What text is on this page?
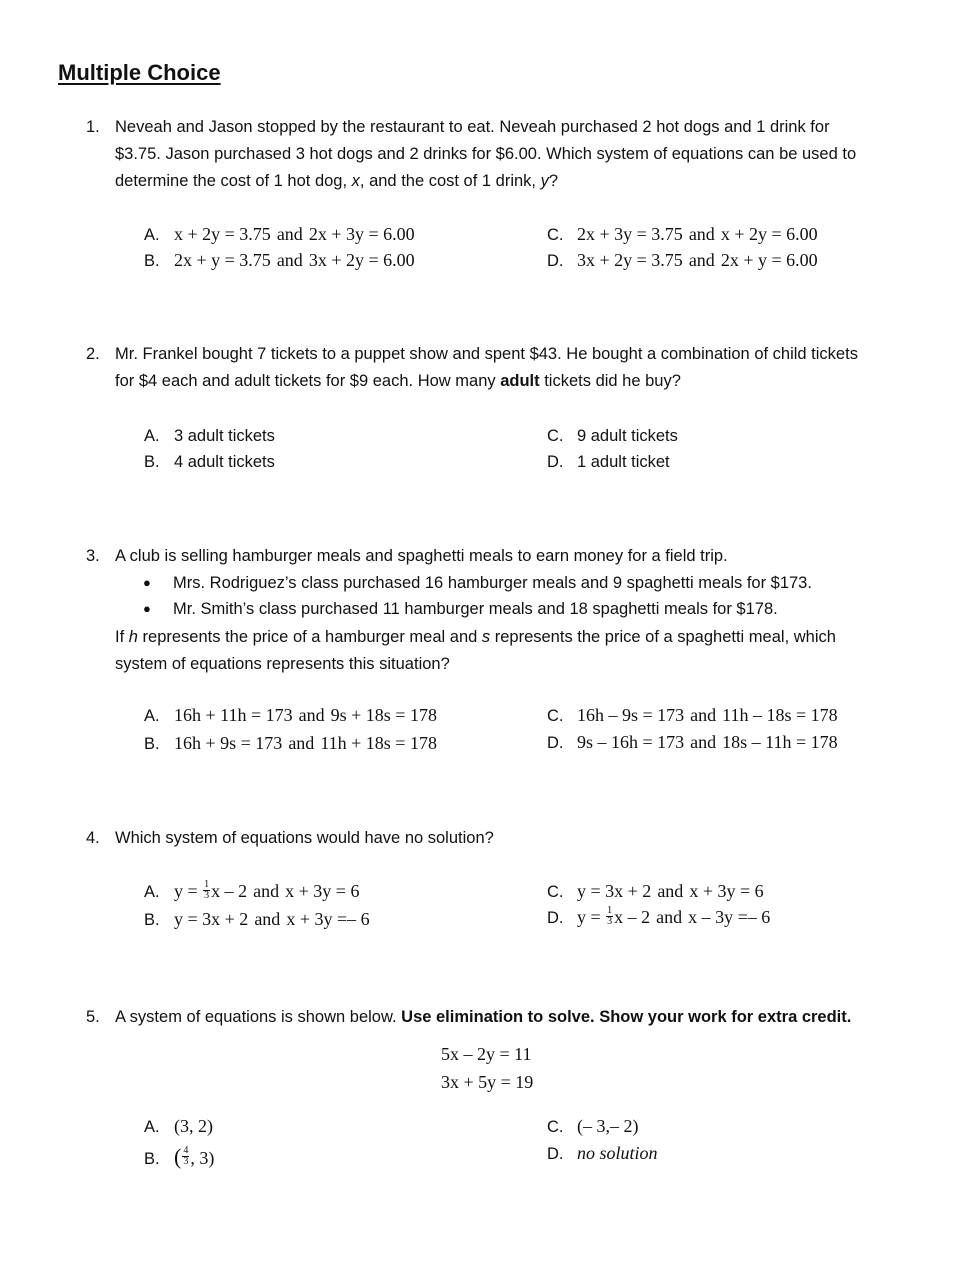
Multiple Choice
1. Neveah and Jason stopped by the restaurant to eat. Neveah purchased 2 hot dogs and 1 drink for
$3.75. Jason purchased 3 hot dogs and 2 drinks for $6.00. Which system of equations can be used to
determine the cost of 1 hot dog, x, and the cost of 1 drink, y?
A. x + 2y = 3.75 and 2x + 3y = 6.00
B. 2x + y = 3.75 and 3x + 2y = 6.00
C. 2x + 3y = 3.75 and x + 2y = 6.00
D. 3x + 2y = 3.75 and 2x + y = 6.00
2. Mr. Frankel bought 7 tickets to a puppet show and spent $43. He bought a combination of child tickets
for $4 each and adult tickets for $9 each. How many adult tickets did he buy?
A. 3 adult tickets
B. 4 adult tickets
C. 9 adult tickets
D. 1 adult ticket
3. A club is selling hamburger meals and spaghetti meals to earn money for a field trip.
● Mrs. Rodriguez’s class purchased 16 hamburger meals and 9 spaghetti meals for $173.
● Mr. Smith’s class purchased 11 hamburger meals and 18 spaghetti meals for $178.
If h represents the price of a hamburger meal and s represents the price of a spaghetti meal, which
system of equations represents this situation?
A. 16h + 11h = 173 and 9s + 18s = 178
B. 16h + 9s = 173 and 11h + 18s = 178
C. 16h – 9s = 173 and 11h – 18s = 178
D. 9s – 16h = 173 and 18s – 11h = 178
4. Which system of equations would have no solution?
A. $y = \frac{1}{3}$ x – 2 and x + 3y = 6
B. y = 3x + 2 and x + 3y =– 6
C. y = 3x + 2 and x + 3y = 6
D. $y = \frac{1}{3}$ x – 2 and x – 3y =– 6
5. A system of equations is shown below. Use elimination to solve. Show your work for extra credit.
5x – 2y = 11
3x + 5y = 19
A. (3, 2)
B. ( $\frac{4}{3}$ , 3)
C. (– 3,– 2)
D. no solution
